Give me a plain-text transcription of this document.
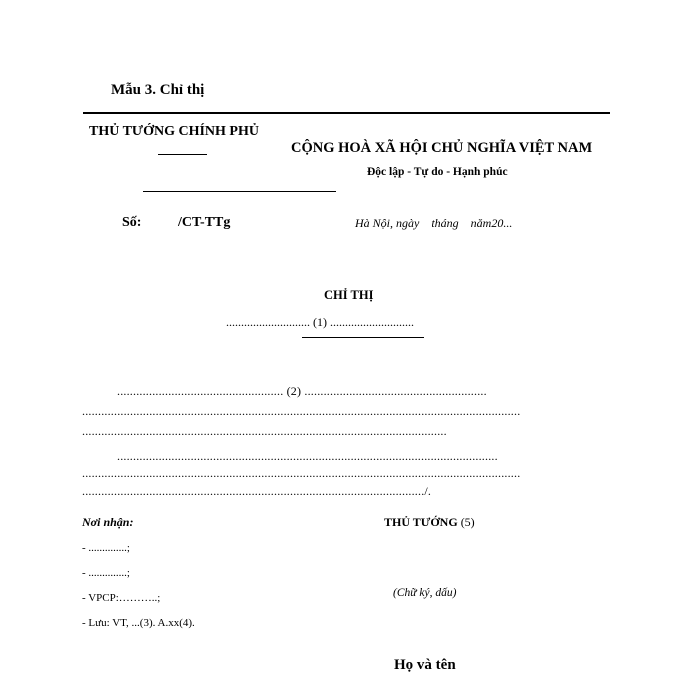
Mẫu 3. Chỉ thị
THỦ TƯỚNG CHÍNH PHỦ
CỘNG HOÀ XÃ HỘI CHỦ NGHĨA VIỆT NAM
Độc lập - Tự do - Hạnh phúc
Số:	/CT-TTg	Hà Nội, ngày    tháng    năm20...
CHỈ THỊ
............................ (1) ............................
.................................................... (2) .........................................................
.........................................................................................................................................
..................................................................................................................
.......................................................................................................................
.........................................................................................................................................
.........................................................................................................../.
Nơi nhận:
- ..............;
- ..............;
- VPCP:………..;
- Lưu: VT, ...(3). A.xx(4).
THỦ TƯỚNG (5)
(Chữ ký, dấu)
Họ và tên
